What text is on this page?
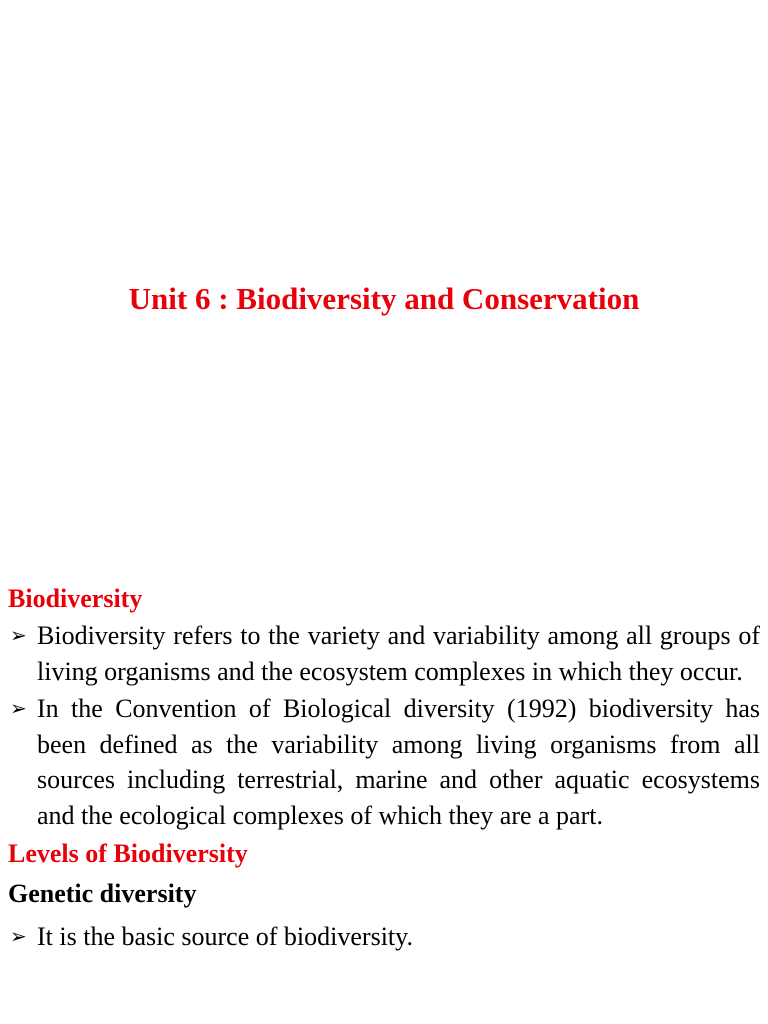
Unit 6 : Biodiversity and Conservation
Biodiversity
➢ Biodiversity refers to the variety and variability among all groups of living organisms and the ecosystem complexes in which they occur.
➢ In the Convention of Biological diversity (1992) biodiversity has been defined as the variability among living organisms from all sources including terrestrial, marine and other aquatic ecosystems and the ecological complexes of which they are a part.
Levels of Biodiversity
Genetic diversity
➢ It is the basic source of biodiversity.
